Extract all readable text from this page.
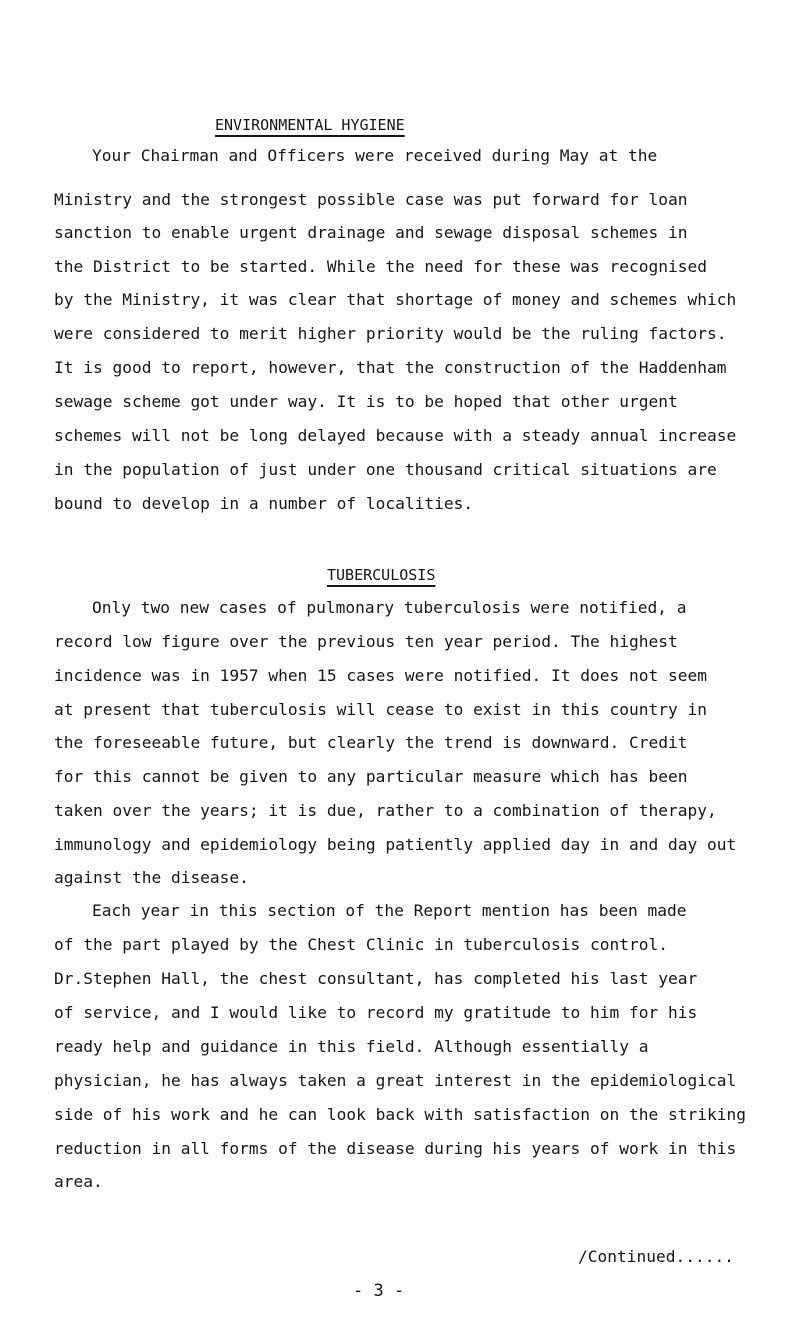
ENVIRONMENTAL HYGIENE

Your Chairman and Officers were received during May at the

Ministry and the strongest possible case was put forward for loan

sanction to enable urgent drainage and sewage disposal schemes in

the District to be started. While the need for these was recognised

by the Ministry, it was clear that shortage of money and schemes which

were considered to merit higher priority would be the ruling factors.

It is good to report, however, that the construction of the Haddenham

sewage scheme got under way. It is to be hoped that other urgent

schemes will not be long delayed because with a steady annual increase

in the population of just under one thousand critical situations are

bound to develop in a number of localities.

TUBERCULOSIS

Only two new cases of pulmonary tuberculosis were notified, a

record low figure over the previous ten year period. The highest

incidence was in 1957 when 15 cases were notified. It does not seem

at present that tuberculosis will cease to exist in this country in

the foreseeable future, but clearly the trend is downward. Credit

for this cannot be given to any particular measure which has been

taken over the years; it is due, rather to a combination of therapy,

immunology and epidemiology being patiently applied day in and day out

against the disease.

Each year in this section of the Report mention has been made

of the part played by the Chest Clinic in tuberculosis control.

Dr.Stephen Hall, the chest consultant, has completed his last year

of service, and I would like to record my gratitude to him for his

ready help and guidance in this field. Although essentially a

physician, he has always taken a great interest in the epidemiological

side of his work and he can look back with satisfaction on the striking

reduction in all forms of the disease during his years of work in this

area.

/Continued......
- 3 -
